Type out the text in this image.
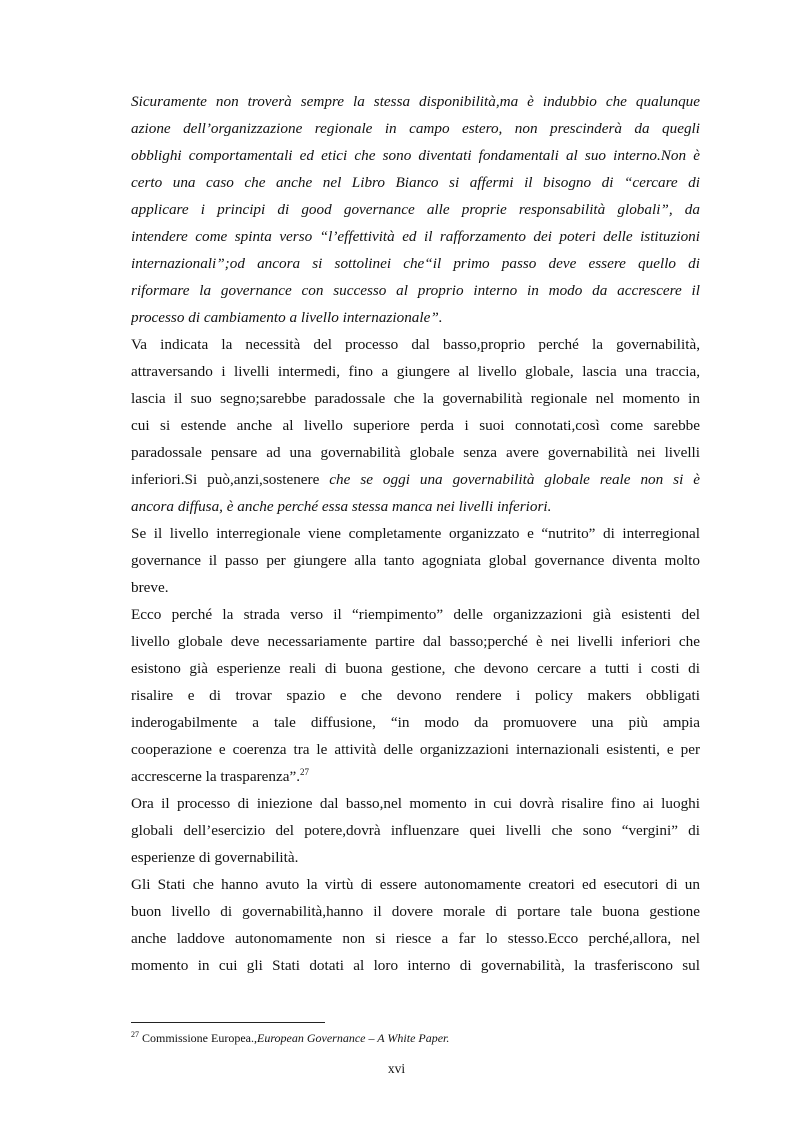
Sicuramente non troverà sempre la stessa disponibilità,ma è indubbio che qualunque
azione dell’organizzazione regionale in campo estero, non prescinderà da quegli
obblighi comportamentali ed etici che sono diventati fondamentali al suo interno.Non è
certo una caso che anche nel Libro Bianco si affermi il bisogno di “cercare di
applicare i principi di good governance alle proprie responsabilità globali”, da
intendere come spinta verso “l’effettività ed il rafforzamento dei poteri delle istituzioni
internazionali”;od ancora si sottolinei che“il primo passo deve essere quello di
riformare la governance con successo al proprio interno in modo da accrescere il
processo di cambiamento a livello internazionale”.
Va indicata la necessità del processo dal basso,proprio perché la governabilità,
attraversando i livelli intermedi, fino a giungere al livello globale, lascia una traccia,
lascia il suo segno;sarebbe paradossale che la governabilità regionale nel momento in
cui si estende anche al livello superiore perda i suoi connotati,così come sarebbe
paradossale pensare ad una governabilità globale senza avere governabilità nei livelli
inferiori.Si può,anzi,sostenere che se oggi una governabilità globale reale non si è
ancora diffusa, è anche perché essa stessa manca nei livelli inferiori.
Se il livello interregionale viene completamente organizzato e “nutrito” di interregional
governance il passo per giungere alla tanto agogniata global governance diventa molto
breve.
Ecco perché la strada verso il “riempimento” delle organizzazioni già esistenti del
livello globale deve necessariamente partire dal basso;perché è nei livelli inferiori che
esistono già esperienze reali di buona gestione, che devono cercare a tutti i costi di
risalire e di trovar spazio e che devono rendere i policy makers obbligati
inderogabilmente a tale diffusione, “in modo da promuovere una più ampia
cooperazione e coerenza tra le attività delle organizzazioni internazionali esistenti, e per
accrescerne la trasparenza”.$^{27}$
Ora il processo di iniezione dal basso,nel momento in cui dovrà risalire fino ai luoghi
globali dell’esercizio del potere,dovrà influenzare quei livelli che sono “vergini” di
esperienze di governabilità.
Gli Stati che hanno avuto la virtù di essere autonomamente creatori ed esecutori di un
buon livello di governabilità,hanno il dovere morale di portare tale buona gestione
anche laddove autonomamente non si riesce a far lo stesso.Ecco perché,allora, nel
momento in cui gli Stati dotati al loro interno di governabilità, la trasferiscono sul
$^{27}$ Commissione Europea.,European Governance – A White Paper.
xvi
